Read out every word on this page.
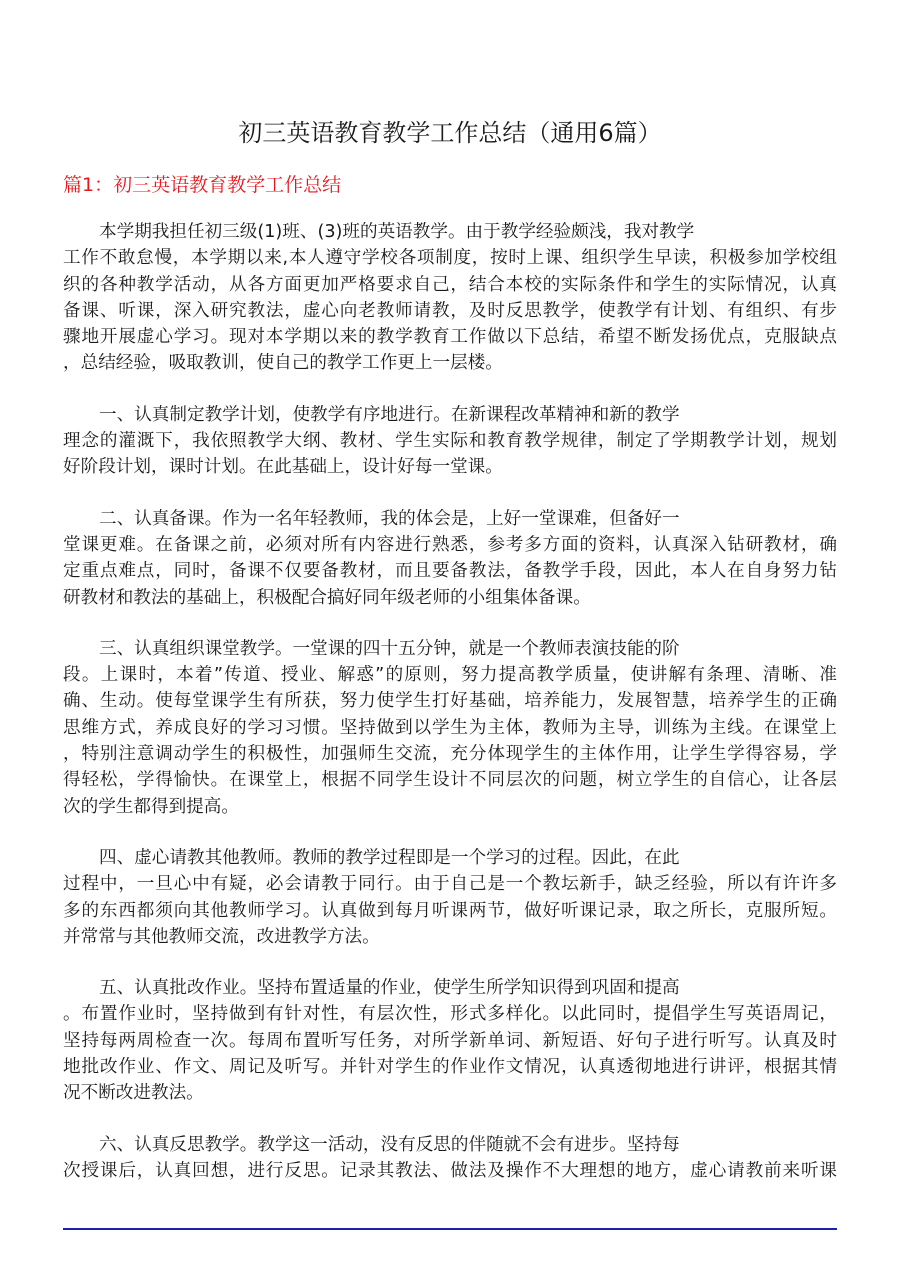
初三英语教育教学工作总结（通用6篇）
篇1：初三英语教育教学工作总结
本学期我担任初三级(1)班、(3)班的英语教学。由于教学经验颇浅，我对教学
工作不敢怠慢，本学期以来,本人遵守学校各项制度，按时上课、组织学生早读，积极参加学校组
织的各种教学活动，从各方面更加严格要求自己，结合本校的实际条件和学生的实际情况，认真
备课、听课，深入研究教法，虚心向老教师请教，及时反思教学，使教学有计划、有组织、有步
骤地开展虚心学习。现对本学期以来的教学教育工作做以下总结，希望不断发扬优点，克服缺点
，总结经验，吸取教训，使自己的教学工作更上一层楼。
一、认真制定教学计划，使教学有序地进行。在新课程改革精神和新的教学
理念的灌溉下，我依照教学大纲、教材、学生实际和教育教学规律，制定了学期教学计划，规划
好阶段计划，课时计划。在此基础上，设计好每一堂课。
二、认真备课。作为一名年轻教师，我的体会是，上好一堂课难，但备好一
堂课更难。在备课之前，必须对所有内容进行熟悉，参考多方面的资料，认真深入钻研教材，确
定重点难点，同时，备课不仅要备教材，而且要备教法，备教学手段，因此，本人在自身努力钻
研教材和教法的基础上，积极配合搞好同年级老师的小组集体备课。
三、认真组织课堂教学。一堂课的四十五分钟，就是一个教师表演技能的阶
段。上课时，本着”传道、授业、解惑”的原则，努力提高教学质量，使讲解有条理、清晰、准
确、生动。使每堂课学生有所获，努力使学生打好基础，培养能力，发展智慧，培养学生的正确
思维方式，养成良好的学习习惯。坚持做到以学生为主体，教师为主导，训练为主线。在课堂上
，特别注意调动学生的积极性，加强师生交流，充分体现学生的主体作用，让学生学得容易，学
得轻松，学得愉快。在课堂上，根据不同学生设计不同层次的问题，树立学生的自信心，让各层
次的学生都得到提高。
四、虚心请教其他教师。教师的教学过程即是一个学习的过程。因此，在此
过程中，一旦心中有疑，必会请教于同行。由于自己是一个教坛新手，缺乏经验，所以有许许多
多的东西都须向其他教师学习。认真做到每月听课两节，做好听课记录，取之所长，克服所短。
并常常与其他教师交流，改进教学方法。
五、认真批改作业。坚持布置适量的作业，使学生所学知识得到巩固和提高
。布置作业时，坚持做到有针对性，有层次性，形式多样化。以此同时，提倡学生写英语周记，
坚持每两周检查一次。每周布置听写任务，对所学新单词、新短语、好句子进行听写。认真及时
地批改作业、作文、周记及听写。并针对学生的作业作文情况，认真透彻地进行讲评，根据其情
况不断改进教法。
六、认真反思教学。教学这一活动，没有反思的伴随就不会有进步。坚持每
次授课后，认真回想，进行反思。记录其教法、做法及操作不大理想的地方，虚心请教前来听课
